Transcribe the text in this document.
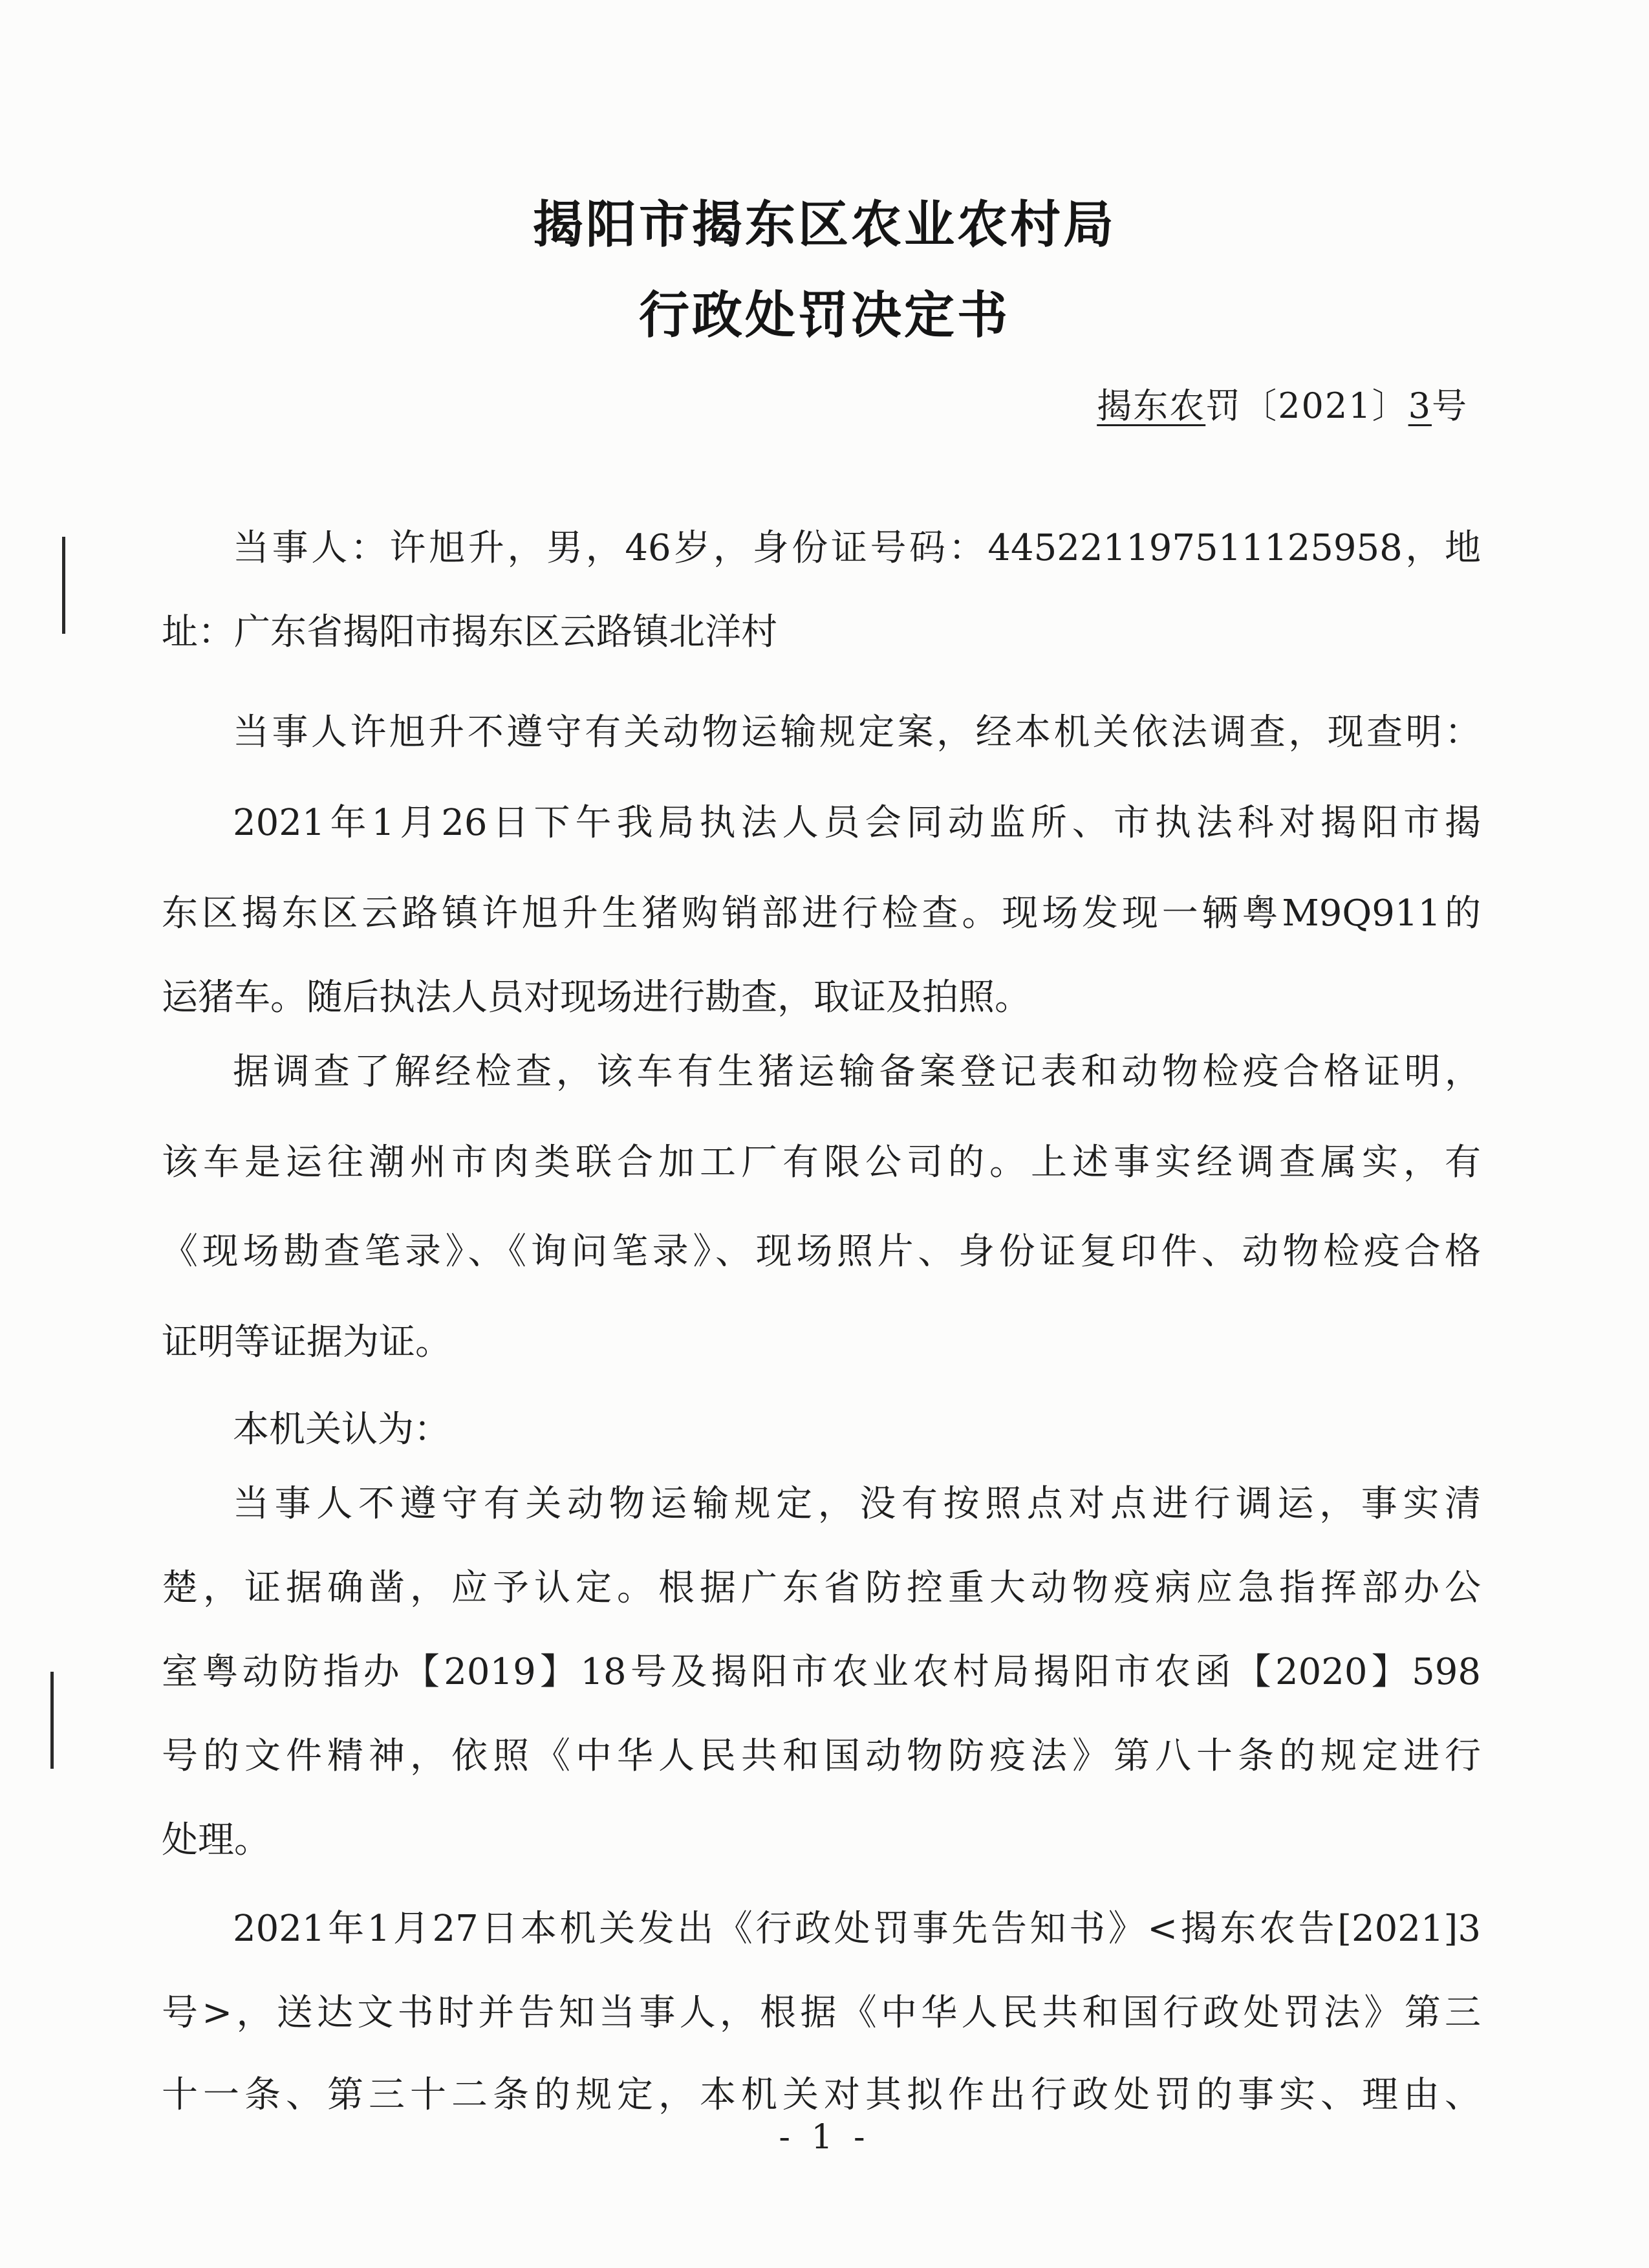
揭阳市揭东区农业农村局
行政处罚决定书
揭东农罚〔2021〕3号
当事人：许旭升，男，46岁，身份证号码：445221197511125958，地
址：广东省揭阳市揭东区云路镇北洋村
当事人许旭升不遵守有关动物运输规定案，经本机关依法调查，现查明：
2021年1月26日下午我局执法人员会同动监所、市执法科对揭阳市揭
东区揭东区云路镇许旭升生猪购销部进行检查。现场发现一辆粤M9Q911的
运猪车。随后执法人员对现场进行勘查，取证及拍照。
据调查了解经检查，该车有生猪运输备案登记表和动物检疫合格证明，
该车是运往潮州市肉类联合加工厂有限公司的。上述事实经调查属实，有
《现场勘查笔录》、《询问笔录》、现场照片、身份证复印件、动物检疫合格
证明等证据为证。
本机关认为：
当事人不遵守有关动物运输规定，没有按照点对点进行调运，事实清
楚，证据确凿，应予认定。根据广东省防控重大动物疫病应急指挥部办公
室粤动防指办【2019】18号及揭阳市农业农村局揭阳市农函【2020】598
号的文件精神，依照《中华人民共和国动物防疫法》第八十条的规定进行
处理。
2021年1月27日本机关发出《行政处罚事先告知书》<揭东农告[2021]3
号>，送达文书时并告知当事人，根据《中华人民共和国行政处罚法》第三
十一条、第三十二条的规定，本机关对其拟作出行政处罚的事实、理由、
- 1 -
